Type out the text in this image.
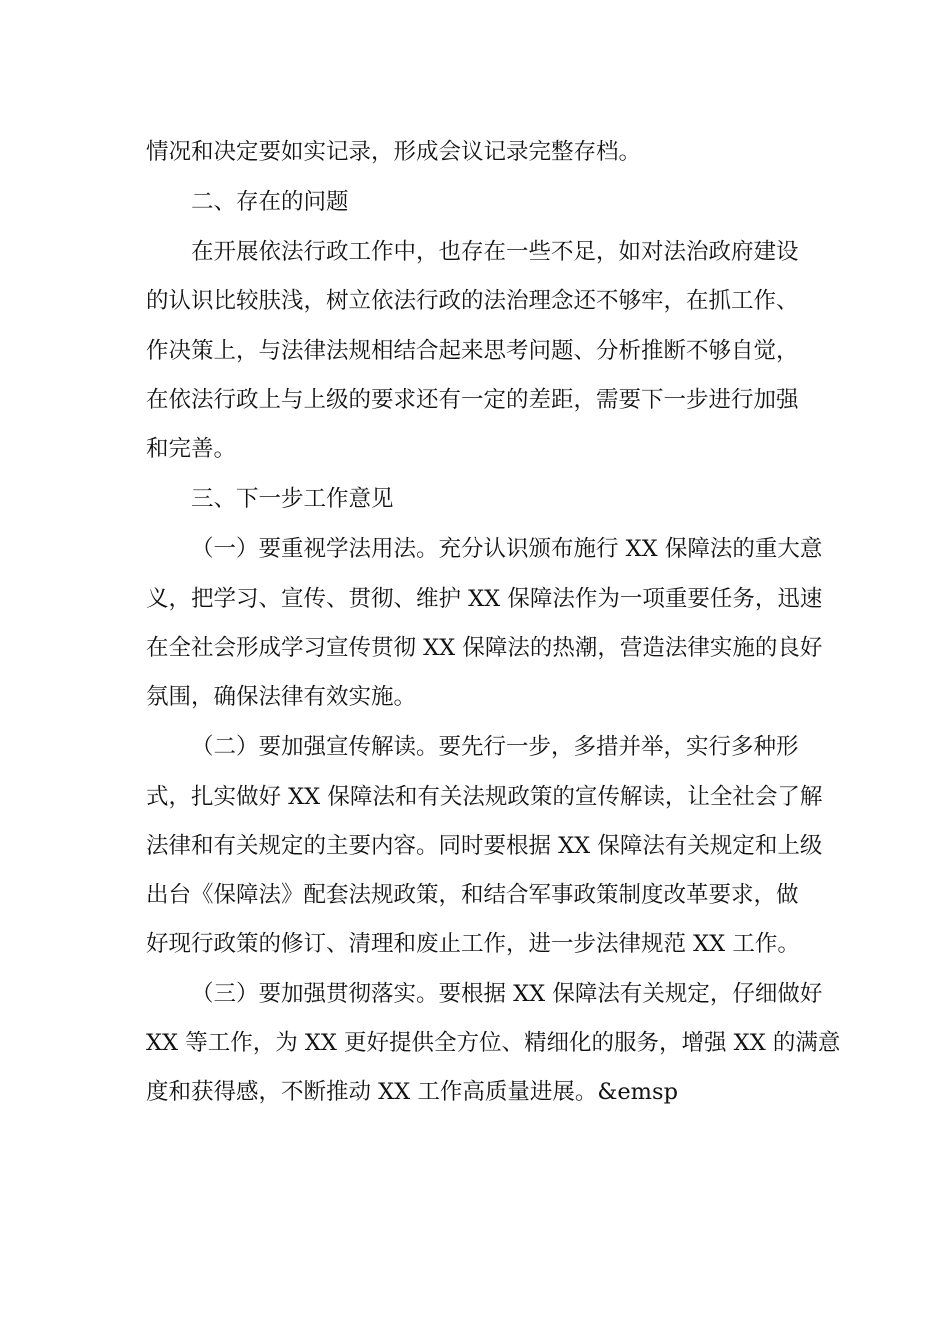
情况和决定要如实记录，形成会议记录完整存档。

二、存在的问题

在开展依法行政工作中，也存在一些不足，如对法治政府建设

的认识比较肤浅，树立依法行政的法治理念还不够牢，在抓工作、

作决策上，与法律法规相结合起来思考问题、分析推断不够自觉，

在依法行政上与上级的要求还有一定的差距，需要下一步进行加强

和完善。

三、下一步工作意见

（一）要重视学法用法。充分认识颁布施行 XX 保障法的重大意

义，把学习、宣传、贯彻、维护 XX 保障法作为一项重要任务，迅速

在全社会形成学习宣传贯彻 XX 保障法的热潮，营造法律实施的良好

氛围，确保法律有效实施。

（二）要加强宣传解读。要先行一步，多措并举，实行多种形

式，扎实做好 XX 保障法和有关法规政策的宣传解读，让全社会了解

法律和有关规定的主要内容。同时要根据 XX 保障法有关规定和上级

出台《保障法》配套法规政策，和结合军事政策制度改革要求，做

好现行政策的修订、清理和废止工作，进一步法律规范 XX 工作。

（三）要加强贯彻落实。要根据 XX 保障法有关规定，仔细做好

XX 等工作，为 XX 更好提供全方位、精细化的服务，增强 XX 的满意

度和获得感，不断推动 XX 工作高质量进展。&emsp
